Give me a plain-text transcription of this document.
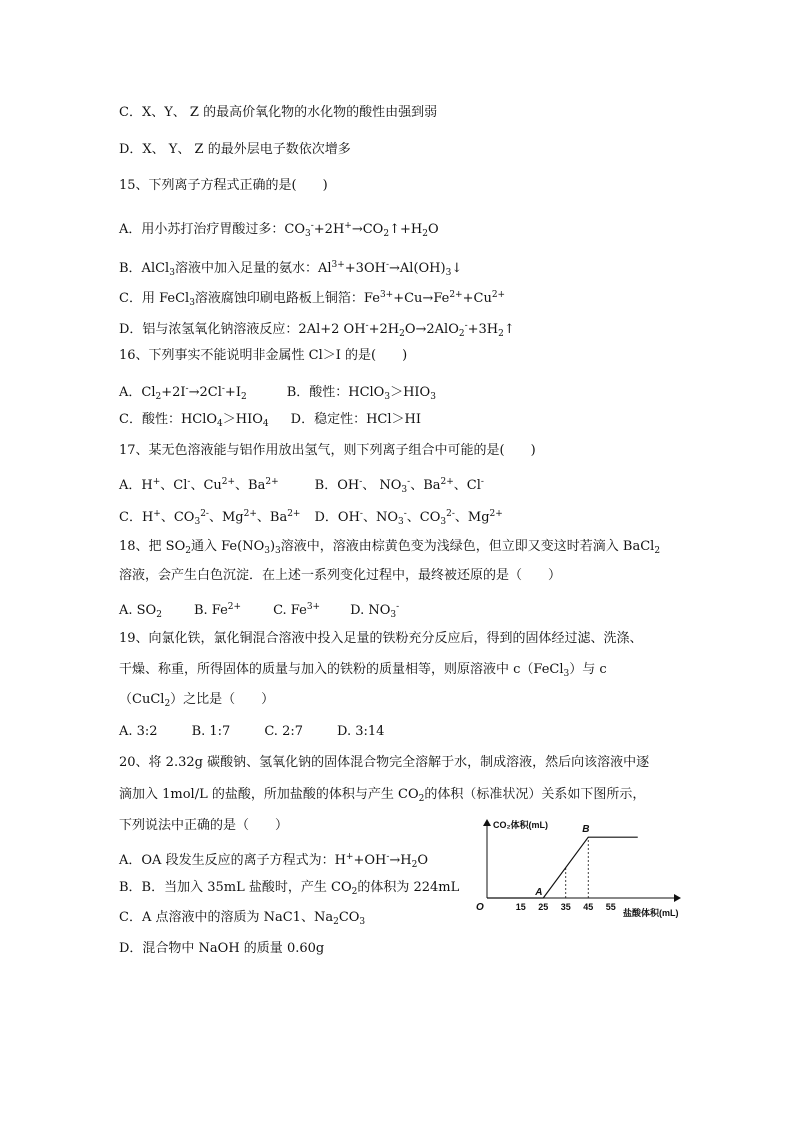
C．X、Y、 Z 的最高价氧化物的水化物的酸性由强到弱
D．X、 Y、 Z 的最外层电子数依次增多
15、下列离子方程式正确的是(　　)
A．用小苏打治疗胃酸过多：$CO_3^-+2H^+\to CO_2↑+H_2O$
B．AlCl$_3$溶液中加入足量的氨水：$Al^{3+}+3OH^-\to Al(OH)_3↓$
C．用 FeCl$_3$溶液腐蚀印刷电路板上铜箔：$Fe^{3+}+Cu\to Fe^{2+}+Cu^{2+}$
D．铝与浓氢氧化钠溶液反应：2Al+2 $OH^-+2H_2O\to 2AlO_2^-+3H_2↑$
16、下列事实不能说明非金属性 Cl＞I 的是(　　)
A．$Cl_2+2I^-\to 2Cl^-+I_2$	B．酸性：$HClO_3>HIO_3$
C．酸性：$HClO_4>HIO_4$ D．稳定性：HCl＞HI
17、某无色溶液能与铝作用放出氢气，则下列离子组合中可能的是(　　)
A．H+、Cl-、$Cu^{2+}$、$Ba^{2+}$	B．OH-、 $NO_3^-$、$Ba^{2+}$、Cl-
C．H+、$CO_3^{2-}$、$Mg^{2+}$、$Ba^{2+}$ D．OH-、$NO_3^-$、$CO_3^{2-}$、$Mg^{2+}$
18、把 $SO_2$通入 $Fe(NO_3)_3$溶液中，溶液由棕黄色变为浅绿色，但立即又变这时若滴入 BaCl$_2$
溶液，会产生白色沉淀．在上述一系列变化过程中，最终被还原的是（　　）
A. $SO_2$ B. $Fe^{2+}$ C. $Fe^{3+}$ D. $NO_3^-$
19、向氯化铁，氯化铜混合溶液中投入足量的铁粉充分反应后，得到的固体经过滤、洗涤、
干燥、称重，所得固体的质量与加入的铁粉的质量相等，则原溶液中 c（FeCl$_3$）与 c
（CuCl$_2$）之比是（　　）
A. 3:2	B. 1:7	C. 2:7	D. 3:14
20、将 2.32g 碳酸钠、氢氧化钠的固体混合物完全溶解于水，制成溶液，然后向该溶液中逐
滴加入 1mol/L 的盐酸，所加盐酸的体积与产生 $CO_2$的体积（标准状况）关系如下图所示，
下列说法中正确的是（　　）
A．OA 段发生反应的离子方程式为：$H^++OH^-\to H_2O$
B．B．当加入 35mL 盐酸时，产生 $CO_2$的体积为 224mL
C．A 点溶液中的溶质为 NaC1、$Na_2CO_3$
D．混合物中 NaOH 的质量 0.60g
CO₂体积(mL)
盐酸体积(mL)
O	15 25 35 45 55
A
B
